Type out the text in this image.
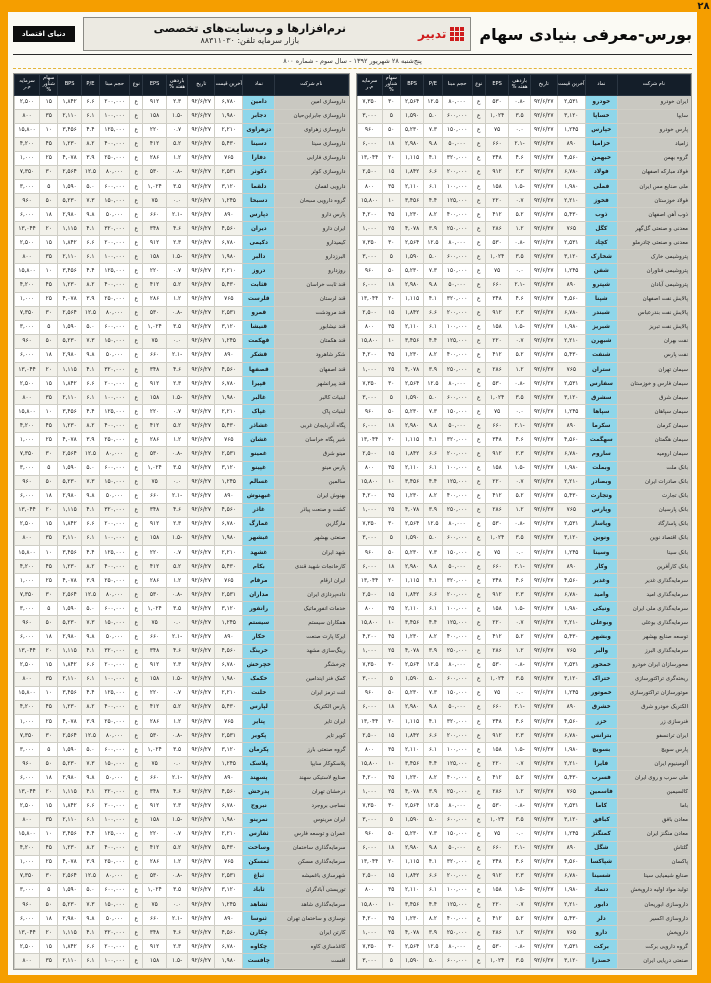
۲۸
بورس-معرفی بنیادی سهام
تدبیر
نرم‌افزارها و وب‌سایت‌های تخصصی
بازار سرمایه تلفن: ۸۸۳۱۱۰۳۰
دنیای اقتصاد
پنج‌شنبه ۲۸ شهریور ۱۳۹۲ - سال سوم - شماره ۸۰۰
نام شرکت	نماد	آخرین قیمت	تاریخ	بازدهی هفته %	EPS	نوع	حجم مبنا	P/E	BPS	سهام شناور %	سرمایه م.ر
ایران خودرو	خودرو	۲,۵۳۱	۹۲/۶/۲۷	-۰.۸	۵۳۰	ع	۸۰,۰۰۰	۱۲.۵	۲,۵۶۴	۳۰	۷,۳۵۰
سایپا	خساپا	۳,۱۲۰	۹۲/۶/۲۷	۳.۵	۱,۰۲۴	ع	۶۰۰,۰۰۰	۵.۰	۱,۵۹۰	۵	۳,۰۰۰
پارس خودرو	خپارس	۱,۲۴۵	۹۲/۶/۲۷	۰.۰	۷۵	ع	۱۵۰,۰۰۰	۷.۳	۵,۲۳۰	۵۰	۹۶۰
زامیاد	خزامیا	۸۹۰	۹۲/۶/۲۷	-۲.۱	۶۶۰	ع	۵۰,۰۰۰	۹.۸	۲,۹۸۰	۱۸	۶,۰۰۰
گروه بهمن	خبهمن	۴,۵۶۰	۹۲/۶/۲۷	۴.۶	۳۴۸	ع	۳۲۰,۰۰۰	۴.۱	۱,۱۱۵	۲۰	۱۳,۰۴۴
فولاد مبارکه اصفهان	فولاد	۶,۷۸۰	۹۲/۶/۲۷	۲.۳	۹۱۲	ع	۲۰۰,۰۰۰	۶.۶	۱,۸۴۲	۱۵	۲,۵۰۰
ملی صنایع مس ایران	فملی	۱,۹۸۰	۹۲/۶/۲۷	-۱.۵	۱۵۸	ع	۱۰۰,۰۰۰	۶.۱	۲,۱۱۰	۳۵	۸۰۰
فولاد خوزستان	فخوز	۲,۲۱۰	۹۲/۶/۲۷	۰.۷	۲۲۰	ع	۱۲۵,۰۰۰	۴.۴	۳,۴۵۶	۱۰	۱۵,۸۰۰
ذوب آهن اصفهان	ذوب	۵,۴۳۰	۹۲/۶/۲۷	۵.۲	۴۱۲	ع	۴۰۰,۰۰۰	۸.۲	۱,۲۳۰	۴۵	۴,۲۰۰
معدنی و صنعتی گل‌گهر	کگل	۷۶۵	۹۲/۶/۲۷	۱.۲	۲۸۶	ع	۲۵۰,۰۰۰	۳.۹	۴,۰۷۸	۲۵	۱,۰۰۰
معدنی و صنعتی چادرملو	کچاد	۲,۵۳۱	۹۲/۶/۲۷	-۰.۸	۵۳۰	ع	۸۰,۰۰۰	۱۲.۵	۲,۵۶۴	۳۰	۷,۳۵۰
پتروشیمی خارک	شخارک	۳,۱۲۰	۹۲/۶/۲۷	۳.۵	۱,۰۲۴	ع	۶۰۰,۰۰۰	۵.۰	۱,۵۹۰	۵	۳,۰۰۰
پتروشیمی فناوران	شفن	۱,۲۴۵	۹۲/۶/۲۷	۰.۰	۷۵	ع	۱۵۰,۰۰۰	۷.۳	۵,۲۳۰	۵۰	۹۶۰
پتروشیمی آبادان	شپترو	۸۹۰	۹۲/۶/۲۷	-۲.۱	۶۶۰	ع	۵۰,۰۰۰	۹.۸	۲,۹۸۰	۱۸	۶,۰۰۰
پالایش نفت اصفهان	شپنا	۴,۵۶۰	۹۲/۶/۲۷	۴.۶	۳۴۸	ع	۳۲۰,۰۰۰	۴.۱	۱,۱۱۵	۲۰	۱۳,۰۴۴
پالایش نفت بندرعباس	شبندر	۶,۷۸۰	۹۲/۶/۲۷	۲.۳	۹۱۲	ع	۲۰۰,۰۰۰	۶.۶	۱,۸۴۲	۱۵	۲,۵۰۰
پالایش نفت تبریز	شبریز	۱,۹۸۰	۹۲/۶/۲۷	-۱.۵	۱۵۸	ع	۱۰۰,۰۰۰	۶.۱	۲,۱۱۰	۳۵	۸۰۰
نفت بهران	شبهرن	۲,۲۱۰	۹۲/۶/۲۷	۰.۷	۲۲۰	ع	۱۲۵,۰۰۰	۴.۴	۳,۴۵۶	۱۰	۱۵,۸۰۰
نفت پارس	شنفت	۵,۴۳۰	۹۲/۶/۲۷	۵.۲	۴۱۲	ع	۴۰۰,۰۰۰	۸.۲	۱,۲۳۰	۴۵	۴,۲۰۰
سیمان تهران	ستران	۷۶۵	۹۲/۶/۲۷	۱.۲	۲۸۶	ع	۲۵۰,۰۰۰	۳.۹	۴,۰۷۸	۲۵	۱,۰۰۰
سیمان فارس و خوزستان	سفارس	۲,۵۳۱	۹۲/۶/۲۷	-۰.۸	۵۳۰	ع	۸۰,۰۰۰	۱۲.۵	۲,۵۶۴	۳۰	۷,۳۵۰
سیمان شرق	سشرق	۳,۱۲۰	۹۲/۶/۲۷	۳.۵	۱,۰۲۴	ع	۶۰۰,۰۰۰	۵.۰	۱,۵۹۰	۵	۳,۰۰۰
سیمان سپاهان	سپاها	۱,۲۴۵	۹۲/۶/۲۷	۰.۰	۷۵	ع	۱۵۰,۰۰۰	۷.۳	۵,۲۳۰	۵۰	۹۶۰
سیمان کرمان	سکرما	۸۹۰	۹۲/۶/۲۷	-۲.۱	۶۶۰	ع	۵۰,۰۰۰	۹.۸	۲,۹۸۰	۱۸	۶,۰۰۰
سیمان هگمتان	سهگمت	۴,۵۶۰	۹۲/۶/۲۷	۴.۶	۳۴۸	ع	۳۲۰,۰۰۰	۴.۱	۱,۱۱۵	۲۰	۱۳,۰۴۴
سیمان ارومیه	ساروم	۶,۷۸۰	۹۲/۶/۲۷	۲.۳	۹۱۲	ع	۲۰۰,۰۰۰	۶.۶	۱,۸۴۲	۱۵	۲,۵۰۰
بانک ملت	وبملت	۱,۹۸۰	۹۲/۶/۲۷	-۱.۵	۱۵۸	ع	۱۰۰,۰۰۰	۶.۱	۲,۱۱۰	۳۵	۸۰۰
بانک صادرات ایران	وبصادر	۲,۲۱۰	۹۲/۶/۲۷	۰.۷	۲۲۰	ع	۱۲۵,۰۰۰	۴.۴	۳,۴۵۶	۱۰	۱۵,۸۰۰
بانک تجارت	وتجارت	۵,۴۳۰	۹۲/۶/۲۷	۵.۲	۴۱۲	ع	۴۰۰,۰۰۰	۸.۲	۱,۲۳۰	۴۵	۴,۲۰۰
بانک پارسیان	وپارس	۷۶۵	۹۲/۶/۲۷	۱.۲	۲۸۶	ع	۲۵۰,۰۰۰	۳.۹	۴,۰۷۸	۲۵	۱,۰۰۰
بانک پاسارگاد	وپاسار	۲,۵۳۱	۹۲/۶/۲۷	-۰.۸	۵۳۰	ع	۸۰,۰۰۰	۱۲.۵	۲,۵۶۴	۳۰	۷,۳۵۰
بانک اقتصاد نوین	ونوین	۳,۱۲۰	۹۲/۶/۲۷	۳.۵	۱,۰۲۴	ع	۶۰۰,۰۰۰	۵.۰	۱,۵۹۰	۵	۳,۰۰۰
بانک سینا	وسینا	۱,۲۴۵	۹۲/۶/۲۷	۰.۰	۷۵	ع	۱۵۰,۰۰۰	۷.۳	۵,۲۳۰	۵۰	۹۶۰
بانک کارآفرین	وکار	۸۹۰	۹۲/۶/۲۷	-۲.۱	۶۶۰	ع	۵۰,۰۰۰	۹.۸	۲,۹۸۰	۱۸	۶,۰۰۰
سرمایه‌گذاری غدیر	وغدیر	۴,۵۶۰	۹۲/۶/۲۷	۴.۶	۳۴۸	ع	۳۲۰,۰۰۰	۴.۱	۱,۱۱۵	۲۰	۱۳,۰۴۴
سرمایه‌گذاری امید	وامید	۶,۷۸۰	۹۲/۶/۲۷	۲.۳	۹۱۲	ع	۲۰۰,۰۰۰	۶.۶	۱,۸۴۲	۱۵	۲,۵۰۰
سرمایه‌گذاری ملی ایران	ونیکی	۱,۹۸۰	۹۲/۶/۲۷	-۱.۵	۱۵۸	ع	۱۰۰,۰۰۰	۶.۱	۲,۱۱۰	۳۵	۸۰۰
سرمایه‌گذاری بوعلی	وبوعلی	۲,۲۱۰	۹۲/۶/۲۷	۰.۷	۲۲۰	ع	۱۲۵,۰۰۰	۴.۴	۳,۴۵۶	۱۰	۱۵,۸۰۰
توسعه صنایع بهشهر	وبشهر	۵,۴۳۰	۹۲/۶/۲۷	۵.۲	۴۱۲	ع	۴۰۰,۰۰۰	۸.۲	۱,۲۳۰	۴۵	۴,۲۰۰
سرمایه‌گذاری البرز	والبر	۷۶۵	۹۲/۶/۲۷	۱.۲	۲۸۶	ع	۲۵۰,۰۰۰	۳.۹	۴,۰۷۸	۲۵	۱,۰۰۰
محورسازان ایران خودرو	خمحور	۲,۵۳۱	۹۲/۶/۲۷	-۰.۸	۵۳۰	ع	۸۰,۰۰۰	۱۲.۵	۲,۵۶۴	۳۰	۷,۳۵۰
ریخته‌گری تراکتورسازی	ختراک	۳,۱۲۰	۹۲/۶/۲۷	۳.۵	۱,۰۲۴	ع	۶۰۰,۰۰۰	۵.۰	۱,۵۹۰	۵	۳,۰۰۰
موتورسازان تراکتورسازی	خموتور	۱,۲۴۵	۹۲/۶/۲۷	۰.۰	۷۵	ع	۱۵۰,۰۰۰	۷.۳	۵,۲۳۰	۵۰	۹۶۰
الکتریک خودرو شرق	خشرق	۸۹۰	۹۲/۶/۲۷	-۲.۱	۶۶۰	ع	۵۰,۰۰۰	۹.۸	۲,۹۸۰	۱۸	۶,۰۰۰
فنرسازی زر	خزر	۴,۵۶۰	۹۲/۶/۲۷	۴.۶	۳۴۸	ع	۳۲۰,۰۰۰	۴.۱	۱,۱۱۵	۲۰	۱۳,۰۴۴
ایران ترانسفو	بترانس	۶,۷۸۰	۹۲/۶/۲۷	۲.۳	۹۱۲	ع	۲۰۰,۰۰۰	۶.۶	۱,۸۴۲	۱۵	۲,۵۰۰
پارس سویچ	بسویچ	۱,۹۸۰	۹۲/۶/۲۷	-۱.۵	۱۵۸	ع	۱۰۰,۰۰۰	۶.۱	۲,۱۱۰	۳۵	۸۰۰
آلومینیوم ایران	فایرا	۲,۲۱۰	۹۲/۶/۲۷	۰.۷	۲۲۰	ع	۱۲۵,۰۰۰	۴.۴	۳,۴۵۶	۱۰	۱۵,۸۰۰
ملی سرب و روی ایران	فسرب	۵,۴۳۰	۹۲/۶/۲۷	۵.۲	۴۱۲	ع	۴۰۰,۰۰۰	۸.۲	۱,۲۳۰	۴۵	۴,۲۰۰
کالسیمین	فاسمین	۷۶۵	۹۲/۶/۲۷	۱.۲	۲۸۶	ع	۲۵۰,۰۰۰	۳.۹	۴,۰۷۸	۲۵	۱,۰۰۰
باما	کاما	۲,۵۳۱	۹۲/۶/۲۷	-۰.۸	۵۳۰	ع	۸۰,۰۰۰	۱۲.۵	۲,۵۶۴	۳۰	۷,۳۵۰
معادن بافق	کبافق	۳,۱۲۰	۹۲/۶/۲۷	۳.۵	۱,۰۲۴	ع	۶۰۰,۰۰۰	۵.۰	۱,۵۹۰	۵	۳,۰۰۰
معادن منگنز ایران	کمنگنز	۱,۲۴۵	۹۲/۶/۲۷	۰.۰	۷۵	ع	۱۵۰,۰۰۰	۷.۳	۵,۲۳۰	۵۰	۹۶۰
گلتاش	شگل	۸۹۰	۹۲/۶/۲۷	-۲.۱	۶۶۰	ع	۵۰,۰۰۰	۹.۸	۲,۹۸۰	۱۸	۶,۰۰۰
پاکسان	شپاکسا	۴,۵۶۰	۹۲/۶/۲۷	۴.۶	۳۴۸	ع	۳۲۰,۰۰۰	۴.۱	۱,۱۱۵	۲۰	۱۳,۰۴۴
صنایع شیمیایی سینا	شسینا	۶,۷۸۰	۹۲/۶/۲۷	۲.۳	۹۱۲	ع	۲۰۰,۰۰۰	۶.۶	۱,۸۴۲	۱۵	۲,۵۰۰
تولید مواد اولیه داروپخش	دتماد	۱,۹۸۰	۹۲/۶/۲۷	-۱.۵	۱۵۸	ع	۱۰۰,۰۰۰	۶.۱	۲,۱۱۰	۳۵	۸۰۰
داروسازی ابوریحان	دابور	۲,۲۱۰	۹۲/۶/۲۷	۰.۷	۲۲۰	ع	۱۲۵,۰۰۰	۴.۴	۳,۴۵۶	۱۰	۱۵,۸۰۰
داروسازی اکسیر	دلر	۵,۴۳۰	۹۲/۶/۲۷	۵.۲	۴۱۲	ع	۴۰۰,۰۰۰	۸.۲	۱,۲۳۰	۴۵	۴,۲۰۰
داروپخش	دارو	۷۶۵	۹۲/۶/۲۷	۱.۲	۲۸۶	ع	۲۵۰,۰۰۰	۳.۹	۴,۰۷۸	۲۵	۱,۰۰۰
گروه دارویی برکت	برکت	۲,۵۳۱	۹۲/۶/۲۷	-۰.۸	۵۳۰	ع	۸۰,۰۰۰	۱۲.۵	۲,۵۶۴	۳۰	۷,۳۵۰
صنعتی دریایی ایران	خصدرا	۳,۱۲۰	۹۲/۶/۲۷	۳.۵	۱,۰۲۴	ع	۶۰۰,۰۰۰	۵.۰	۱,۵۹۰	۵	۳,۰۰۰
نام شرکت	نماد	آخرین قیمت	تاریخ	بازدهی هفته %	EPS	نوع	حجم مبنا	P/E	BPS	سهام شناور %	سرمایه م.ر
داروسازی امین	دامین	۶,۷۸۰	۹۲/۶/۲۷	۲.۳	۹۱۲	ع	۲۰۰,۰۰۰	۶.۶	۱,۸۴۲	۱۵	۲,۵۰۰
داروسازی جابرابن‌حیان	دجابر	۱,۹۸۰	۹۲/۶/۲۷	-۱.۵	۱۵۸	ع	۱۰۰,۰۰۰	۶.۱	۲,۱۱۰	۳۵	۸۰۰
داروسازی زهراوی	دزهراوی	۲,۲۱۰	۹۲/۶/۲۷	۰.۷	۲۲۰	ع	۱۲۵,۰۰۰	۴.۴	۳,۴۵۶	۱۰	۱۵,۸۰۰
داروسازی سینا	دسینا	۵,۴۳۰	۹۲/۶/۲۷	۵.۲	۴۱۲	ع	۴۰۰,۰۰۰	۸.۲	۱,۲۳۰	۴۵	۴,۲۰۰
داروسازی فارابی	دفارا	۷۶۵	۹۲/۶/۲۷	۱.۲	۲۸۶	ع	۲۵۰,۰۰۰	۳.۹	۴,۰۷۸	۲۵	۱,۰۰۰
داروسازی کوثر	دکوثر	۲,۵۳۱	۹۲/۶/۲۷	-۰.۸	۵۳۰	ع	۸۰,۰۰۰	۱۲.۵	۲,۵۶۴	۳۰	۷,۳۵۰
دارویی لقمان	دلقما	۳,۱۲۰	۹۲/۶/۲۷	۳.۵	۱,۰۲۴	ع	۶۰۰,۰۰۰	۵.۰	۱,۵۹۰	۵	۳,۰۰۰
گروه دارویی سبحان	دسبحا	۱,۲۴۵	۹۲/۶/۲۷	۰.۰	۷۵	ع	۱۵۰,۰۰۰	۷.۳	۵,۲۳۰	۵۰	۹۶۰
پارس دارو	دپارس	۸۹۰	۹۲/۶/۲۷	-۲.۱	۶۶۰	ع	۵۰,۰۰۰	۹.۸	۲,۹۸۰	۱۸	۶,۰۰۰
ایران دارو	دیران	۴,۵۶۰	۹۲/۶/۲۷	۴.۶	۳۴۸	ع	۳۲۰,۰۰۰	۴.۱	۱,۱۱۵	۲۰	۱۳,۰۴۴
کیمیدارو	دکیمی	۶,۷۸۰	۹۲/۶/۲۷	۲.۳	۹۱۲	ع	۲۰۰,۰۰۰	۶.۶	۱,۸۴۲	۱۵	۲,۵۰۰
البرزدارو	دالبر	۱,۹۸۰	۹۲/۶/۲۷	-۱.۵	۱۵۸	ع	۱۰۰,۰۰۰	۶.۱	۲,۱۱۰	۳۵	۸۰۰
روزدارو	دروز	۲,۲۱۰	۹۲/۶/۲۷	۰.۷	۲۲۰	ع	۱۲۵,۰۰۰	۴.۴	۳,۴۵۶	۱۰	۱۵,۸۰۰
قند ثابت خراسان	قثابت	۵,۴۳۰	۹۲/۶/۲۷	۵.۲	۴۱۲	ع	۴۰۰,۰۰۰	۸.۲	۱,۲۳۰	۴۵	۴,۲۰۰
قند لرستان	قلرست	۷۶۵	۹۲/۶/۲۷	۱.۲	۲۸۶	ع	۲۵۰,۰۰۰	۳.۹	۴,۰۷۸	۲۵	۱,۰۰۰
قند مرودشت	قمرو	۲,۵۳۱	۹۲/۶/۲۷	-۰.۸	۵۳۰	ع	۸۰,۰۰۰	۱۲.۵	۲,۵۶۴	۳۰	۷,۳۵۰
قند نیشابور	قنیشا	۳,۱۲۰	۹۲/۶/۲۷	۳.۵	۱,۰۲۴	ع	۶۰۰,۰۰۰	۵.۰	۱,۵۹۰	۵	۳,۰۰۰
قند هکمتان	قهکمت	۱,۲۴۵	۹۲/۶/۲۷	۰.۰	۷۵	ع	۱۵۰,۰۰۰	۷.۳	۵,۲۳۰	۵۰	۹۶۰
شکر شاهرود	قشکر	۸۹۰	۹۲/۶/۲۷	-۲.۱	۶۶۰	ع	۵۰,۰۰۰	۹.۸	۲,۹۸۰	۱۸	۶,۰۰۰
قند اصفهان	قصفها	۴,۵۶۰	۹۲/۶/۲۷	۴.۶	۳۴۸	ع	۳۲۰,۰۰۰	۴.۱	۱,۱۱۵	۲۰	۱۳,۰۴۴
قند پیرانشهر	قپیرا	۶,۷۸۰	۹۲/۶/۲۷	۲.۳	۹۱۲	ع	۲۰۰,۰۰۰	۶.۶	۱,۸۴۲	۱۵	۲,۵۰۰
لبنیات کالبر	غالبر	۱,۹۸۰	۹۲/۶/۲۷	-۱.۵	۱۵۸	ع	۱۰۰,۰۰۰	۶.۱	۲,۱۱۰	۳۵	۸۰۰
لبنیات پاک	غپاک	۲,۲۱۰	۹۲/۶/۲۷	۰.۷	۲۲۰	ع	۱۲۵,۰۰۰	۴.۴	۳,۴۵۶	۱۰	۱۵,۸۰۰
پگاه آذربایجان غربی	غشاذر	۵,۴۳۰	۹۲/۶/۲۷	۵.۲	۴۱۲	ع	۴۰۰,۰۰۰	۸.۲	۱,۲۳۰	۴۵	۴,۲۰۰
شیر پگاه خراسان	غشان	۷۶۵	۹۲/۶/۲۷	۱.۲	۲۸۶	ع	۲۵۰,۰۰۰	۳.۹	۴,۰۷۸	۲۵	۱,۰۰۰
مینو شرق	غمینو	۲,۵۳۱	۹۲/۶/۲۷	-۰.۸	۵۳۰	ع	۸۰,۰۰۰	۱۲.۵	۲,۵۶۴	۳۰	۷,۳۵۰
پارس مینو	غپینو	۳,۱۲۰	۹۲/۶/۲۷	۳.۵	۱,۰۲۴	ع	۶۰۰,۰۰۰	۵.۰	۱,۵۹۰	۵	۳,۰۰۰
سالمین	غسالم	۱,۲۴۵	۹۲/۶/۲۷	۰.۰	۷۵	ع	۱۵۰,۰۰۰	۷.۳	۵,۲۳۰	۵۰	۹۶۰
بهنوش ایران	غبهنوش	۸۹۰	۹۲/۶/۲۷	-۲.۱	۶۶۰	ع	۵۰,۰۰۰	۹.۸	۲,۹۸۰	۱۸	۶,۰۰۰
کشت و صنعت پیاذر	غاذر	۴,۵۶۰	۹۲/۶/۲۷	۴.۶	۳۴۸	ع	۳۲۰,۰۰۰	۴.۱	۱,۱۱۵	۲۰	۱۳,۰۴۴
مارگارین	غمارگ	۶,۷۸۰	۹۲/۶/۲۷	۲.۳	۹۱۲	ع	۲۰۰,۰۰۰	۶.۶	۱,۸۴۲	۱۵	۲,۵۰۰
صنعتی بهشهر	غبشهر	۱,۹۸۰	۹۲/۶/۲۷	-۱.۵	۱۵۸	ع	۱۰۰,۰۰۰	۶.۱	۲,۱۱۰	۳۵	۸۰۰
شهد ایران	غشهد	۲,۲۱۰	۹۲/۶/۲۷	۰.۷	۲۲۰	ع	۱۲۵,۰۰۰	۴.۴	۳,۴۵۶	۱۰	۱۵,۸۰۰
کارخانجات شهید قندی	بکام	۵,۴۳۰	۹۲/۶/۲۷	۵.۲	۴۱۲	ع	۴۰۰,۰۰۰	۸.۲	۱,۲۳۰	۴۵	۴,۲۰۰
ایران ارقام	مرقام	۷۶۵	۹۲/۶/۲۷	۱.۲	۲۸۶	ع	۲۵۰,۰۰۰	۳.۹	۴,۰۷۸	۲۵	۱,۰۰۰
داده‌پردازی ایران	مداران	۲,۵۳۱	۹۲/۶/۲۷	-۰.۸	۵۳۰	ع	۸۰,۰۰۰	۱۲.۵	۲,۵۶۴	۳۰	۷,۳۵۰
خدمات انفورماتیک	رانفور	۳,۱۲۰	۹۲/۶/۲۷	۳.۵	۱,۰۲۴	ع	۶۰۰,۰۰۰	۵.۰	۱,۵۹۰	۵	۳,۰۰۰
همکاران سیستم	سیستم	۱,۲۴۵	۹۲/۶/۲۷	۰.۰	۷۵	ع	۱۵۰,۰۰۰	۷.۳	۵,۲۳۰	۵۰	۹۶۰
ایرکا پارت صنعت	خکار	۸۹۰	۹۲/۶/۲۷	-۲.۱	۶۶۰	ع	۵۰,۰۰۰	۹.۸	۲,۹۸۰	۱۸	۶,۰۰۰
رینگ‌سازی مشهد	خرینگ	۴,۵۶۰	۹۲/۶/۲۷	۴.۶	۳۴۸	ع	۳۲۰,۰۰۰	۴.۱	۱,۱۱۵	۲۰	۱۳,۰۴۴
چرخشگر	خچرخش	۶,۷۸۰	۹۲/۶/۲۷	۲.۳	۹۱۲	ع	۲۰۰,۰۰۰	۶.۶	۱,۸۴۲	۱۵	۲,۵۰۰
کمک فنر ایندامین	خکمک	۱,۹۸۰	۹۲/۶/۲۷	-۱.۵	۱۵۸	ع	۱۰۰,۰۰۰	۶.۱	۲,۱۱۰	۳۵	۸۰۰
لنت ترمز ایران	خلنت	۲,۲۱۰	۹۲/۶/۲۷	۰.۷	۲۲۰	ع	۱۲۵,۰۰۰	۴.۴	۳,۴۵۶	۱۰	۱۵,۸۰۰
پارس الکتریک	لپارس	۵,۴۳۰	۹۲/۶/۲۷	۵.۲	۴۱۲	ع	۴۰۰,۰۰۰	۸.۲	۱,۲۳۰	۴۵	۴,۲۰۰
ایران تایر	پتایر	۷۶۵	۹۲/۶/۲۷	۱.۲	۲۸۶	ع	۲۵۰,۰۰۰	۳.۹	۴,۰۷۸	۲۵	۱,۰۰۰
کویر تایر	پکویر	۲,۵۳۱	۹۲/۶/۲۷	-۰.۸	۵۳۰	ع	۸۰,۰۰۰	۱۲.۵	۲,۵۶۴	۳۰	۷,۳۵۰
گروه صنعتی بارز	پکرمان	۳,۱۲۰	۹۲/۶/۲۷	۳.۵	۱,۰۲۴	ع	۶۰۰,۰۰۰	۵.۰	۱,۵۹۰	۵	۳,۰۰۰
پلاسکوکار سایپا	پلاسک	۱,۲۴۵	۹۲/۶/۲۷	۰.۰	۷۵	ع	۱۵۰,۰۰۰	۷.۳	۵,۲۳۰	۵۰	۹۶۰
صنایع لاستیکی سهند	پسهند	۸۹۰	۹۲/۶/۲۷	-۲.۱	۶۶۰	ع	۵۰,۰۰۰	۹.۸	۲,۹۸۰	۱۸	۶,۰۰۰
درخشان تهران	پدرخش	۴,۵۶۰	۹۲/۶/۲۷	۴.۶	۳۴۸	ع	۳۲۰,۰۰۰	۴.۱	۱,۱۱۵	۲۰	۱۳,۰۴۴
نساجی بروجرد	نبروج	۶,۷۸۰	۹۲/۶/۲۷	۲.۳	۹۱۲	ع	۲۰۰,۰۰۰	۶.۶	۱,۸۴۲	۱۵	۲,۵۰۰
ایران مرینوس	نمرینو	۱,۹۸۰	۹۲/۶/۲۷	-۱.۵	۱۵۸	ع	۱۰۰,۰۰۰	۶.۱	۲,۱۱۰	۳۵	۸۰۰
عمران و توسعه فارس	ثفارس	۲,۲۱۰	۹۲/۶/۲۷	۰.۷	۲۲۰	ع	۱۲۵,۰۰۰	۴.۴	۳,۴۵۶	۱۰	۱۵,۸۰۰
سرمایه‌گذاری ساختمان	وساخت	۵,۴۳۰	۹۲/۶/۲۷	۵.۲	۴۱۲	ع	۴۰۰,۰۰۰	۸.۲	۱,۲۳۰	۴۵	۴,۲۰۰
سرمایه‌گذاری مسکن	ثمسکن	۷۶۵	۹۲/۶/۲۷	۱.۲	۲۸۶	ع	۲۵۰,۰۰۰	۳.۹	۴,۰۷۸	۲۵	۱,۰۰۰
شهرسازی باغمیشه	ثباغ	۲,۵۳۱	۹۲/۶/۲۷	-۰.۸	۵۳۰	ع	۸۰,۰۰۰	۱۲.۵	۲,۵۶۴	۳۰	۷,۳۵۰
توریستی آبادگران	ثاباد	۳,۱۲۰	۹۲/۶/۲۷	۳.۵	۱,۰۲۴	ع	۶۰۰,۰۰۰	۵.۰	۱,۵۹۰	۵	۳,۰۰۰
سرمایه‌گذاری شاهد	ثشاهد	۱,۲۴۵	۹۲/۶/۲۷	۰.۰	۷۵	ع	۱۵۰,۰۰۰	۷.۳	۵,۲۳۰	۵۰	۹۶۰
نوسازی و ساختمان تهران	ثنوسا	۸۹۰	۹۲/۶/۲۷	-۲.۱	۶۶۰	ع	۵۰,۰۰۰	۹.۸	۲,۹۸۰	۱۸	۶,۰۰۰
کارتن ایران	چکارن	۴,۵۶۰	۹۲/۶/۲۷	۴.۶	۳۴۸	ع	۳۲۰,۰۰۰	۴.۱	۱,۱۱۵	۲۰	۱۳,۰۴۴
کاغذسازی کاوه	چکاوه	۶,۷۸۰	۹۲/۶/۲۷	۲.۳	۹۱۲	ع	۲۰۰,۰۰۰	۶.۶	۱,۸۴۲	۱۵	۲,۵۰۰
افست	چافست	۱,۹۸۰	۹۲/۶/۲۷	-۱.۵	۱۵۸	ع	۱۰۰,۰۰۰	۶.۱	۲,۱۱۰	۳۵	۸۰۰
